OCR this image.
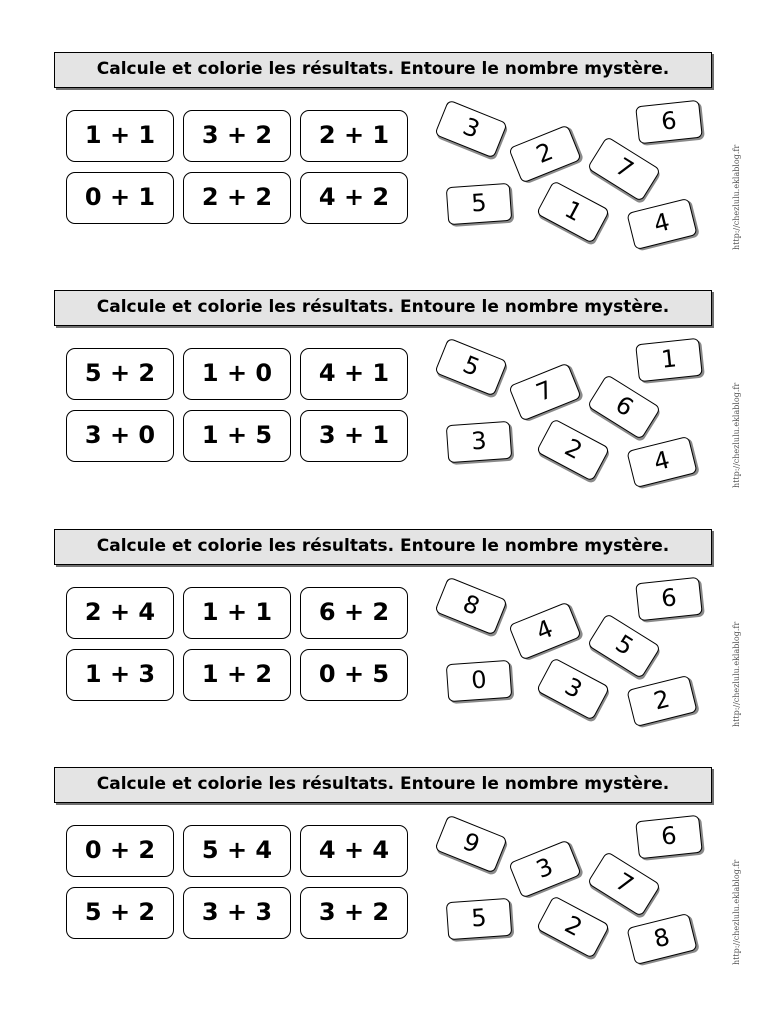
Calcule et colorie les résultats. Entoure le nombre mystère.
1 + 1	3 + 2	2 + 1
0 + 1	2 + 2	4 + 2
3	6
2	7
5	1	4	http://chezlulu.eklablog.fr
Calcule et colorie les résultats. Entoure le nombre mystère.
5 + 2	1 + 0	4 + 1
3 + 0	1 + 5	3 + 1
5	1
7	6
3	2	4	http://chezlulu.eklablog.fr
Calcule et colorie les résultats. Entoure le nombre mystère.
2 + 4	1 + 1	6 + 2
1 + 3	1 + 2	0 + 5
8	6
4	5
0	3	2	http://chezlulu.eklablog.fr
Calcule et colorie les résultats. Entoure le nombre mystère.
0 + 2	5 + 4	4 + 4
5 + 2	3 + 3	3 + 2
9	6
3	7
5	2	8	http://chezlulu.eklablog.fr
